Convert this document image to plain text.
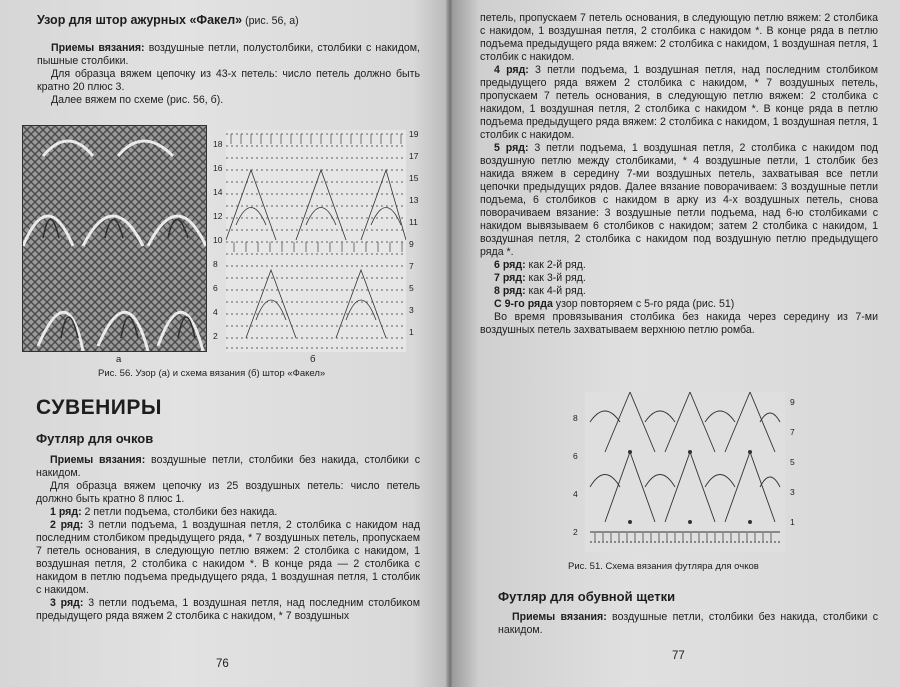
Узор для штор ажурных «Факел» (рис. 56, а)

Приемы вязания: воздушные петли, полустолбики, столбики с накидом, пышные столбики.

Для образца вяжем цепочку из 43-х петель: число петель должно быть кратно 20 плюс 3.

Далее вяжем по схеме (рис. 56, б).

а
18
16
14
12
10
8
6
4
2
19
17
15
13
11
9
7
5
3
1
б
Рис. 56. Узор (а) и схема вязания (б) штор «Факел»
СУВЕНИРЫ
Футляр для очков

Приемы вязания: воздушные петли, столбики без накида, столбики с накидом.

Для образца вяжем цепочку из 25 воздушных петель: число петель должно быть кратно 8 плюс 1.

1 ряд: 2 петли подъема, столбики без накида.

2 ряд: 3 петли подъема, 1 воздушная петля, 2 столбика с накидом над последним столбиком предыдущего ряда, * 7 воздушных петель, пропускаем 7 петель основания, в следующую петлю вяжем: 2 столбика с накидом, 1 воздушная петля, 2 столбика с накидом *. В конце ряда — 2 столбика с накидом в петлю подъема предыдущего ряда, 1 воздушная петля, 1 столбик с накидом.

3 ряд: 3 петли подъема, 1 воздушная петля, над последним столбиком предыдущего ряда вяжем 2 столбика с накидом, * 7 воздушных

76

петель, пропускаем 7 петель основания, в следующую петлю вяжем: 2 столбика с накидом, 1 воздушная петля, 2 столбика с накидом *. В конце ряда в петлю подъема предыдущего ряда вяжем: 2 столбика с накидом, 1 воздушная петля, 1 столбик с накидом.

4 ряд: 3 петли подъема, 1 воздушная петля, над последним столбиком предыдущего ряда вяжем 2 столбика с накидом, * 7 воздушных петель, пропускаем 7 петель основания, в следующую петлю вяжем: 2 столбика с накидом, 1 воздушная петля, 2 столбика с накидом *. В конце ряда в петлю подъема предыдущего ряда вяжем: 2 столбика с накидом, 1 воздушная петля, 1 столбик с накидом.

5 ряд: 3 петли подъема, 1 воздушная петля, 2 столбика с накидом под воздушную петлю между столбиками, * 4 воздушные петли, 1 столбик без накида вяжем в середину 7-ми воздушных петель, захватывая все петли цепочки предыдущих рядов. Далее вязание поворачиваем: 3 воздушные петли подъема, 6 столбиков с накидом в арку из 4-х воздушных петель, снова поворачиваем вязание: 3 воздушные петли подъема, над 6-ю столбиками с накидом вывязываем 6 столбиков с накидом; затем 2 столбика с накидом, 1 воздушная петля, 2 столбика с накидом под воздушную петлю предыдущего ряда *.

6 ряд: как 2-й ряд.

7 ряд: как 3-й ряд.

8 ряд: как 4-й ряд.

С 9-го ряда узор повторяем с 5-го ряда (рис. 51)

Во время провязывания столбика без накида через середину из 7-ми воздушных петель захватываем верхнюю петлю ромба.

8
6
4
2
9
7
5
3
1
Рис. 51. Схема вязания футляра для очков
Футляр для обувной щетки

Приемы вязания: воздушные петли, столбики без накида, столбики с накидом.

77
